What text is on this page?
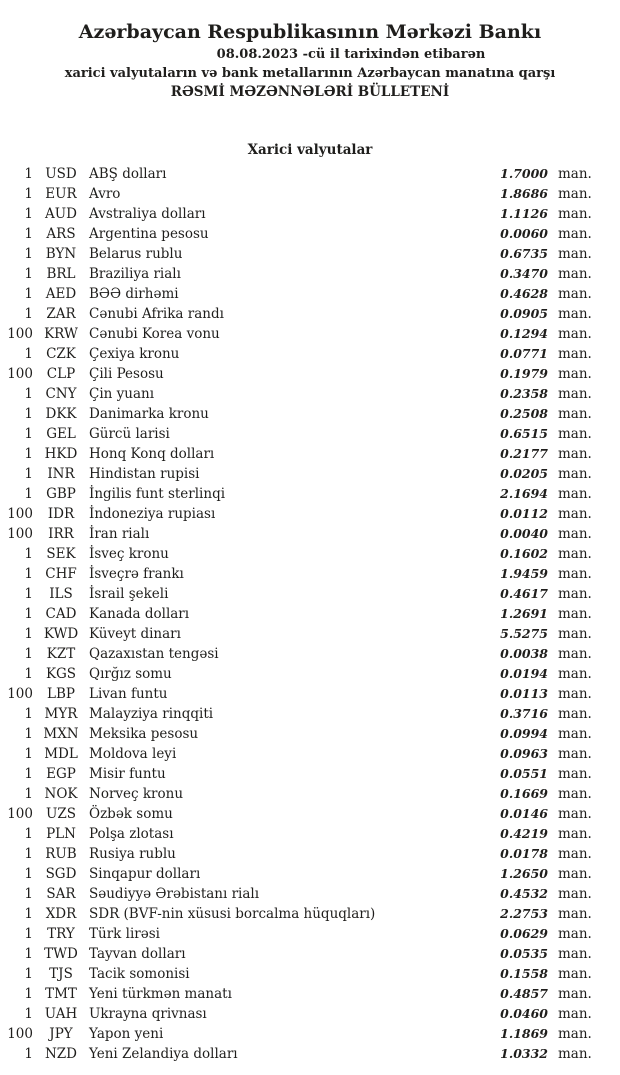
Azərbaycan Respublikasının Mərkəzi Bankı
08.08.2023 -cü il tarixindən etibarən
xarici valyutaların və bank metallarının Azərbaycan manatına qarşı
RƏSMİ MƏZƏNNƏLƏRİ BÜLLETENİ
Xarici valyutalar
1 USD ABŞ dolları	1.7000 man.
1 EUR Avro	1.8686 man.
1 AUD Avstraliya dolları	1.1126 man.
1 ARS Argentina pesosu	0.0060 man.
1 BYN Belarus rublu	0.6735 man.
1 BRL Braziliya rialı	0.3470 man.
1 AED BƏƏ dirhəmi	0.4628 man.
1 ZAR Cənubi Afrika randı	0.0905 man.
100 KRW Cənubi Korea vonu	0.1294 man.
1 CZK Çexiya kronu	0.0771 man.
100	CLP	Çili Pesosu	0.1979 man.
1 CNY Çin yuanı	0.2358 man.
1 DKK Danimarka kronu	0.2508 man.
1 GEL Gürcü larisi	0.6515 man.
1 HKD Honq Konq dolları	0.2177 man.
1	INR	Hindistan rupisi	0.0205 man.
1 GBP İngilis funt sterlinqi	2.1694 man.
100	IDR	İndoneziya rupiası	0.0112 man.
100	IRR	İran rialı	0.0040 man.
1 SEK İsveç kronu	0.1602 man.
1 CHF İsveçrə frankı	1.9459 man.
1	ILS	İsrail şekeli	0.4617 man.
1 CAD Kanada dolları	1.2691 man.
1 KWD Küveyt dinarı	5.5275 man.
1	KZT	Qazaxıstan tengəsi	0.0038 man.
1 KGS Qırğız somu	0.0194 man.
100	LBP	Livan funtu	0.0113 man.
1 MYR Malayziya rinqqiti	0.3716 man.
1 MXN Meksika pesosu	0.0994 man.
1 MDL Moldova leyi	0.0963 man.
1 EGP Misir funtu	0.0551 man.
1 NOK Norveç kronu	0.1669 man.
100 UZS Özbək somu	0.0146 man.
1 PLN Polşa zlotası	0.4219 man.
1 RUB Rusiya rublu	0.0178 man.
1 SGD Sinqapur dolları	1.2650 man.
1 SAR Səudiyyə Ərəbistanı rialı	0.4532 man.
1 XDR SDR (BVF-nin xüsusi borcalma hüquqları)	2.2753 man.
1	TRY	Türk lirəsi	0.0629 man.
1 TWD Tayvan dolları	0.0535 man.
1	TJS	Tacik somonisi	0.1558 man.
1 TMT Yeni türkmən manatı	0.4857 man.
1 UAH Ukrayna qrivnası	0.0460 man.
100	JPY	Yapon yeni	1.1869 man.
1 NZD Yeni Zelandiya dolları	1.0332 man.
